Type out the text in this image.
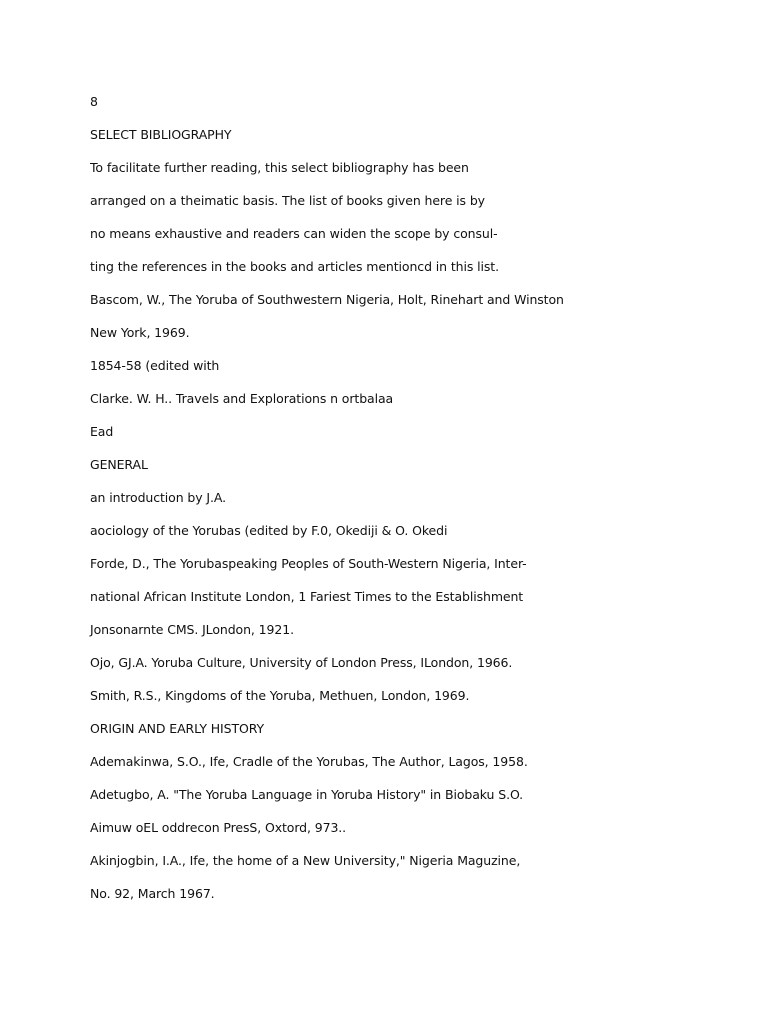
8
SELECT BIBLIOGRAPHY
To facilitate further reading, this select bibliography has been
arranged on a theimatic basis. The list of books given here is by
no means exhaustive and readers can widen the scope by consul-
ting the references in the books and articles mentioncd in this list.
Bascom, W., The Yoruba of Southwestern Nigeria, Holt, Rinehart and Winston
New York, 1969.
1854-58 (edited with
Clarke. W. H.. Travels and Explorations n ortbalaa
Ead
GENERAL
an introduction by J.A.
aociology of the Yorubas (edited by F.0, Okediji & O. Okedi
Forde, D., The Yorubaspeaking Peoples of South-Western Nigeria, Inter-
national African Institute London, 1 Fariest Times to the Establishment
Jonsonarnte CMS. JLondon, 1921.
Ojo, GJ.A. Yoruba Culture, University of London Press, ILondon, 1966.
Smith, R.S., Kingdoms of the Yoruba, Methuen, London, 1969.
ORIGIN AND EARLY HISTORY
Ademakinwa, S.O., Ife, Cradle of the Yorubas, The Author, Lagos, 1958.
Adetugbo, A. "The Yoruba Language in Yoruba History" in Biobaku S.O.
Aimuw oEL oddrecon PresS, Oxtord, 973..
Akinjogbin, I.A., Ife, the home of a New University," Nigeria Maguzine,
No. 92, March 1967.
